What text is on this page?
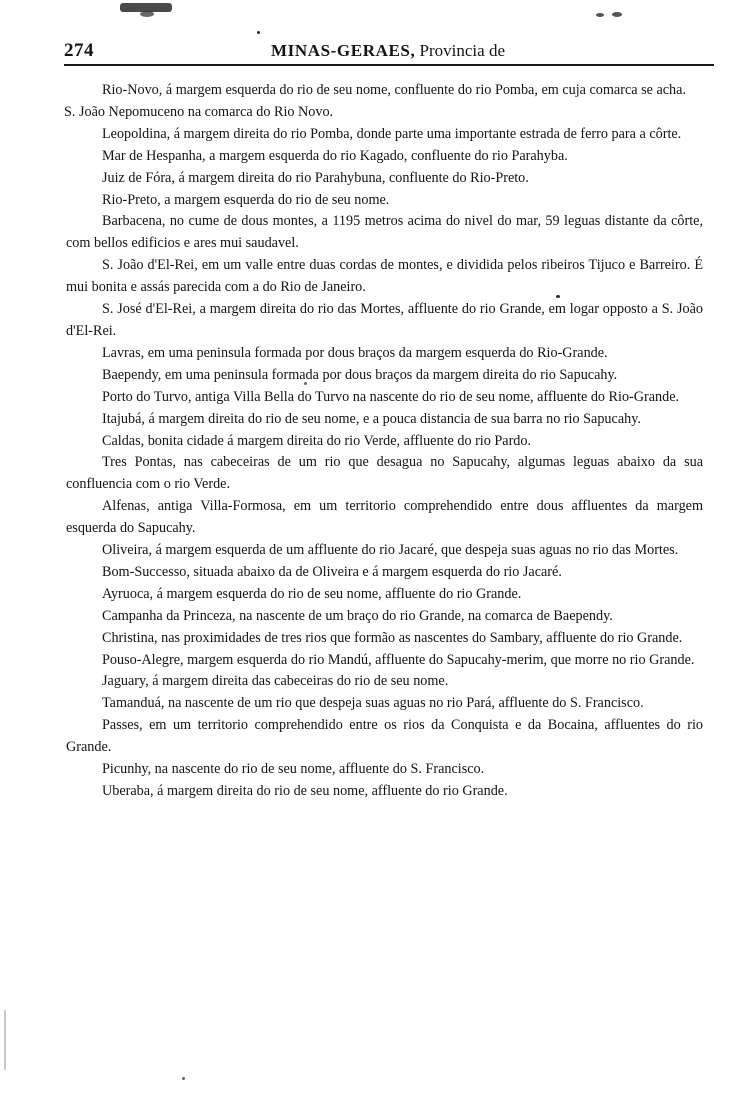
274	MINAS-GERAES, Provincia de

Rio-Novo, á margem esquerda do rio de seu nome, confluente do rio Pomba, em cuja comarca se acha.

S. João Nepomuceno na comarca do Rio Novo.

Leopoldina, á margem direita do rio Pomba, donde parte uma importante estrada de ferro para a côrte.

Mar de Hespanha, a margem esquerda do rio Kagado, confluente do rio Parahyba.

Juiz de Fóra, á margem direita do rio Parahybuna, confluente do Rio-Preto.

Rio-Preto, a margem esquerda do rio de seu nome.

Barbacena, no cume de dous montes, a 1195 metros acima do nivel do mar, 59 leguas distante da côrte, com bellos edificios e ares mui saudavel.

S. João d'El-Rei, em um valle entre duas cordas de montes, e dividida pelos ribeiros Tijuco e Barreiro. É mui bonita e assás parecida com a do Rio de Janeiro.

S. José d'El-Rei, a margem direita do rio das Mortes, affluente do rio Grande, em logar opposto a S. João d'El-Rei.

Lavras, em uma peninsula formada por dous braços da margem esquerda do Rio-Grande.

Baependy, em uma peninsula formada por dous braços da margem direita do rio Sapucahy.

Porto do Turvo, antiga Villa Bella do Turvo na nascente do rio de seu nome, affluente do Rio-Grande.

Itajubá, á margem direita do rio de seu nome, e a pouca distancia de sua barra no rio Sapucahy.

Caldas, bonita cidade á margem direita do rio Verde, affluente do rio Pardo.

Tres Pontas, nas cabeceiras de um rio que desagua no Sapucahy, algumas leguas abaixo da sua confluencia com o rio Verde.

Alfenas, antiga Villa-Formosa, em um territorio comprehendido entre dous affluentes da margem esquerda do Sapucahy.

Oliveira, á margem esquerda de um affluente do rio Jacaré, que despeja suas aguas no rio das Mortes.

Bom-Successo, situada abaixo da de Oliveira e á margem esquerda do rio Jacaré.

Ayruoca, á margem esquerda do rio de seu nome, affluente do rio Grande.

Campanha da Princeza, na nascente de um braço do rio Grande, na comarca de Baependy.

Christina, nas proximidades de tres rios que formão as nascentes do Sambary, affluente do rio Grande.

Pouso-Alegre, margem esquerda do rio Mandú, affluente do Sapucahy-merim, que morre no rio Grande.

Jaguary, á margem direita das cabeceiras do rio de seu nome.

Tamanduá, na nascente de um rio que despeja suas aguas no rio Pará, affluente do S. Francisco.

Passes, em um territorio comprehendido entre os rios da Conquista e da Bocaina, affluentes do rio Grande.

Picunhy, na nascente do rio de seu nome, affluente do S. Francisco.

Uberaba, á margem direita do rio de seu nome, affluente do rio Grande.
